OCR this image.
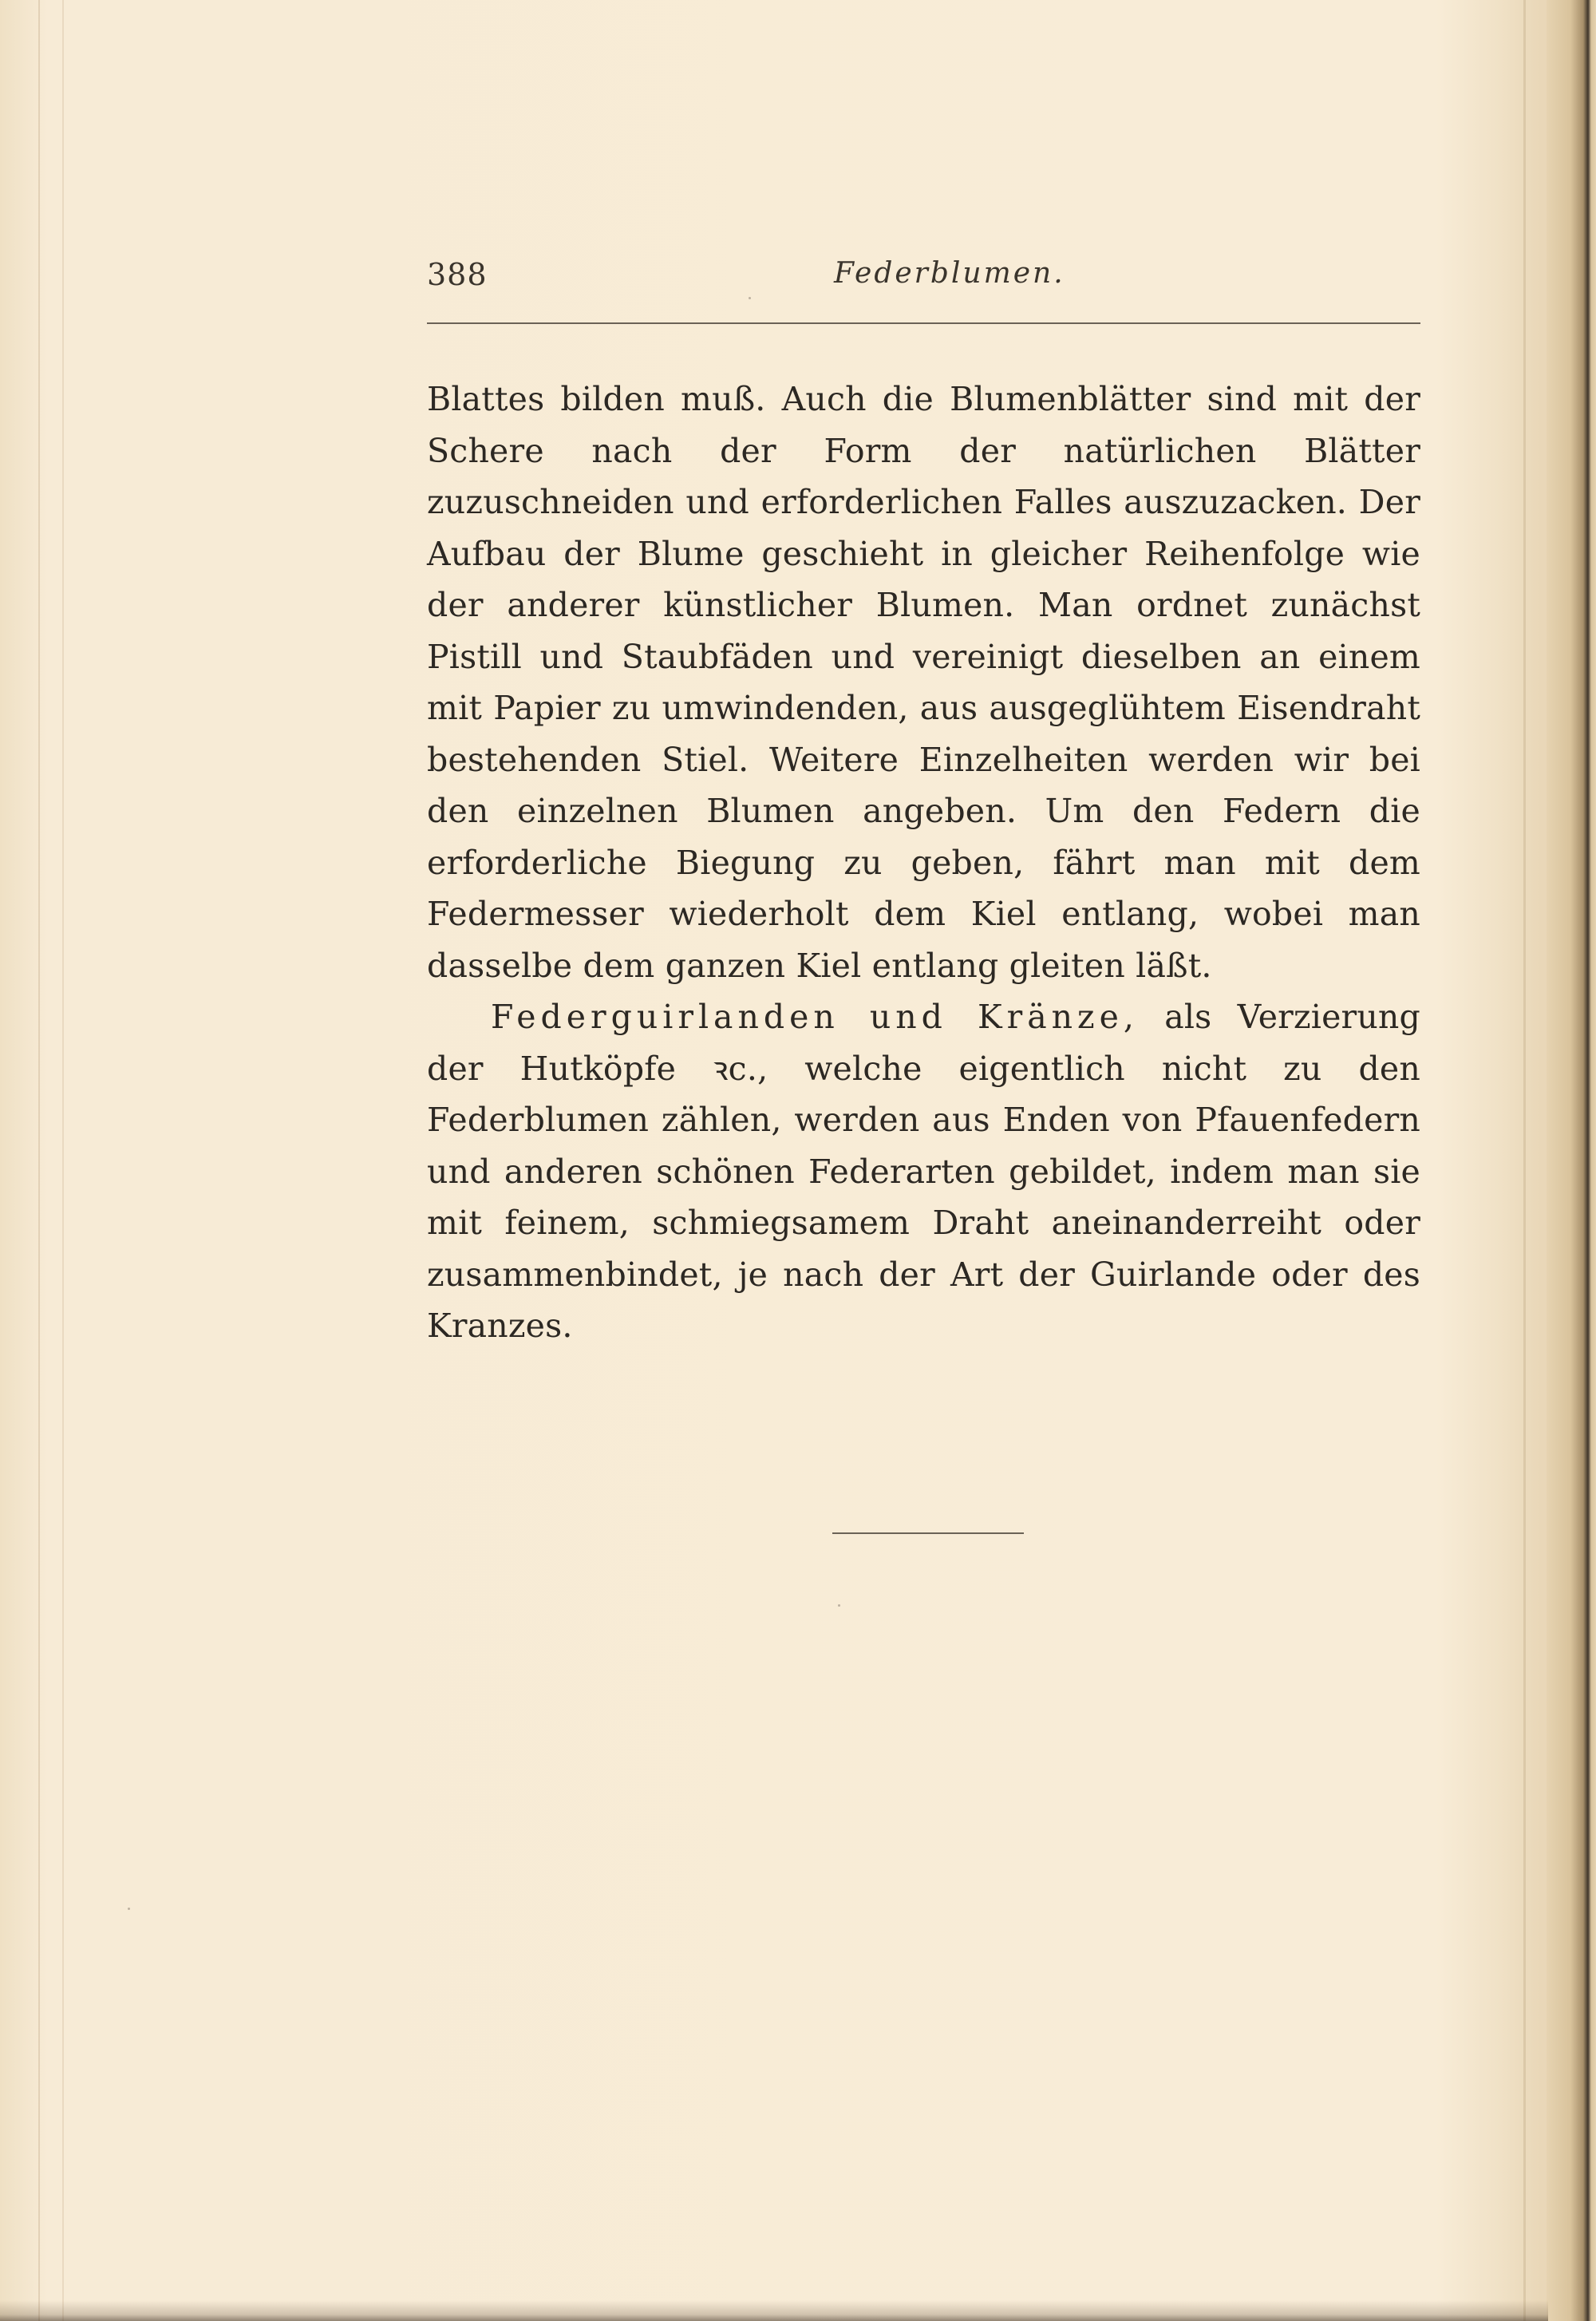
388	Federblumen.

Blattes bilden muß. Auch die Blumenblätter sind mit der Schere nach der Form der natürlichen Blätter zuzuschneiden und erforderlichen Falles auszuzacken. Der Aufbau der Blume geschieht in gleicher Reihenfolge wie der anderer künstlicher Blumen. Man ordnet zunächst Pistill und Staubfäden und vereinigt dieselben an einem mit Papier zu umwindenden, aus ausgeglühtem Eisendraht bestehenden Stiel. Weitere Einzelheiten werden wir bei den einzelnen Blumen angeben. Um den Federn die erforderliche Biegung zu geben, fährt man mit dem Federmesser wiederholt dem Kiel entlang, wobei man dasselbe dem ganzen Kiel entlang gleiten läßt.

Federguirlanden und Kränze, als Verzierung der Hutköpfe ꝛc., welche eigentlich nicht zu den Federblumen zählen, werden aus Enden von Pfauenfedern und anderen schönen Federarten gebildet, indem man sie mit feinem, schmiegsamem Draht aneinanderreiht oder zusammenbindet, je nach der Art der Guirlande oder des Kranzes.
